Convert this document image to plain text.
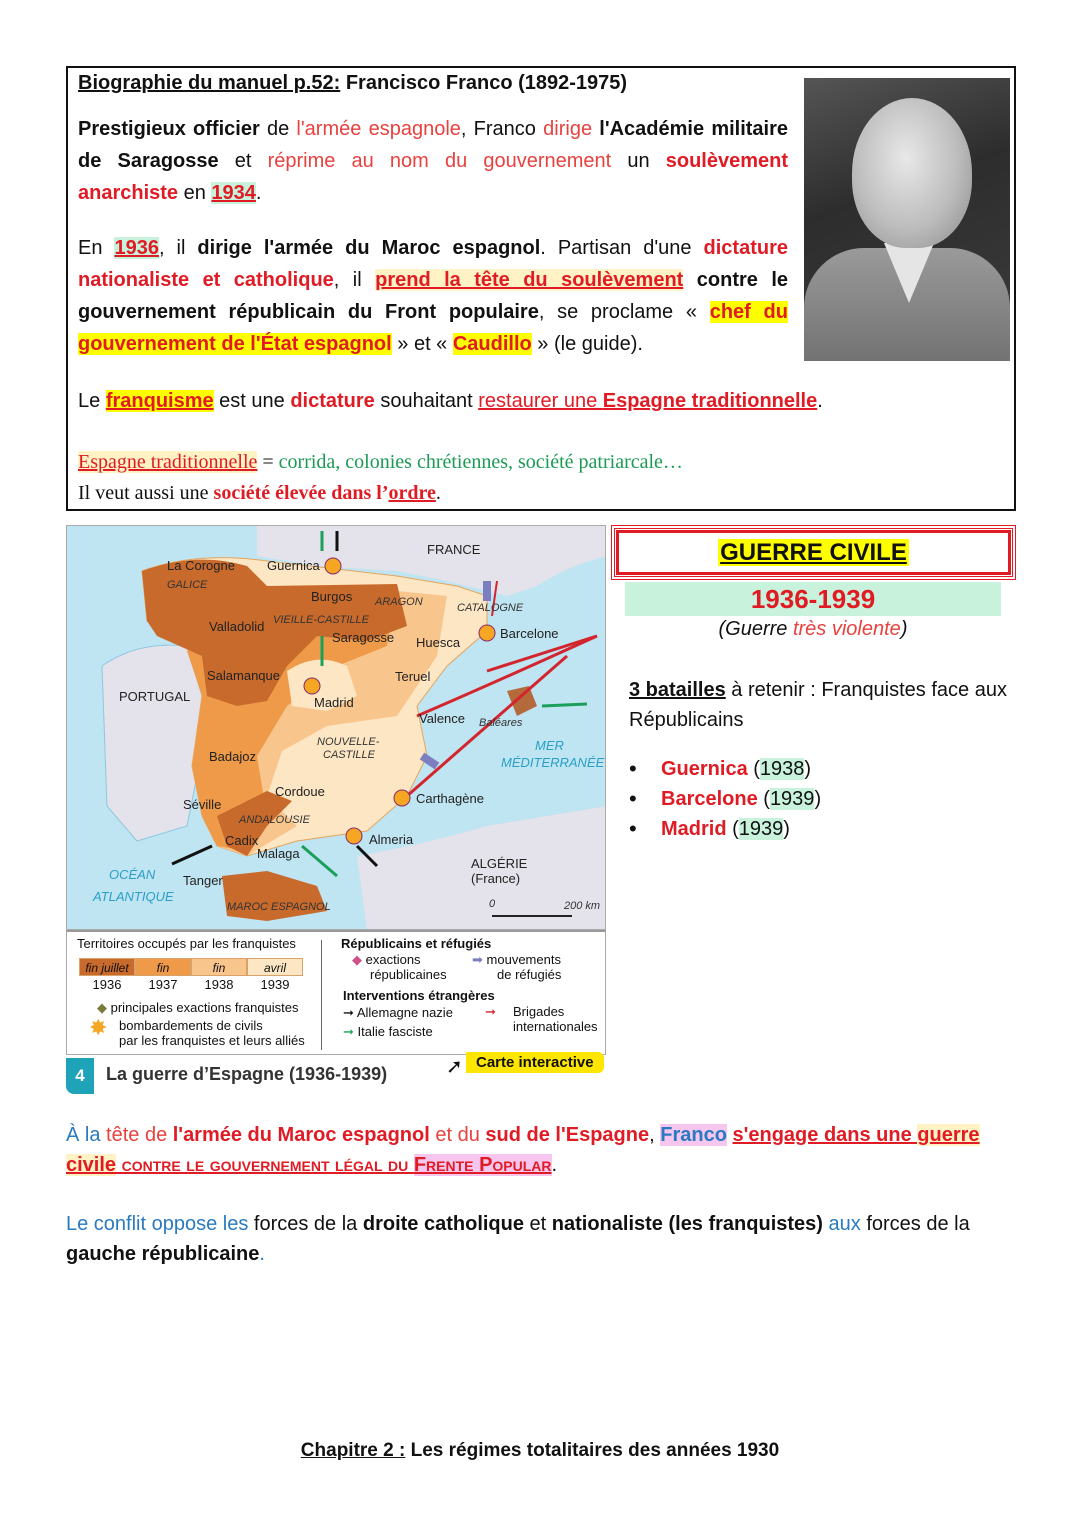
Biographie du manuel p.52: Francisco Franco (1892-1975)
Prestigieux officier de l'armée espagnole, Franco dirige l'Académie militaire de Saragosse et réprime au nom du gouvernement un soulèvement anarchiste en 1934.
En 1936, il dirige l'armée du Maroc espagnol. Partisan d'une dictature nationaliste et catholique, il prend la tête du soulèvement contre le gouvernement républicain du Front populaire, se proclame « chef du gouvernement de l'État espagnol » et « Caudillo » (le guide).
Le franquisme est une dictature souhaitant restaurer une Espagne traditionnelle.
Espagne traditionnelle = corrida, colonies chrétiennes, société patriarcale…
Il veut aussi une société élevée dans l’ordre.
FRANCE
La Corogne
GALICE
Guernica
Burgos ARAGON	CATALOGNE
Valladolid VIEILLE-CASTILLE
Saragosse Huesca
Barcelone
Salamanque	Teruel
PORTUGAL	Madrid
Valence Baléares
NOUVELLE-
CASTILLE
MER
MÉDITERRANÉE
Badajoz
Cordoue
Séville	Carthagène
ANDALOUSIE
Cadix	Almeria
Malaga
ALGÉRIE
(France)
OCÉAN Tanger
ATLANTIQUE
MAROC ESPAGNOL	0	200 km
Territoires occupés par les franquistes
fin juillet
1936
fin
1937
fin
1938
avril
1939
◆ principales exactions franquistes
✸ bombardements de civils
par les franquistes et leurs alliés
Républicains et réfugiés
◆ exactions
républicaines
➡ mouvements
de réfugiés
Interventions étrangères
➞ Allemagne nazie
➞ Italie fasciste
➞	Brigades
internationales
4	La guerre d’Espagne (1936-1939)	➚ Carte interactive
GUERRE CIVILE
1936-1939
(Guerre très violente)
3 batailles à retenir : Franquistes face aux Républicains
• Guernica (1938)
• Barcelone (1939)
• Madrid (1939)
À la tête de l'armée du Maroc espagnol et du sud de l'Espagne, Franco s'engage dans une guerre civile contre le gouvernement légal du Frente Popular.
Le conflit oppose les forces de la droite catholique et nationaliste (les franquistes) aux forces de la gauche républicaine.
Chapitre 2 : Les régimes totalitaires des années 1930
